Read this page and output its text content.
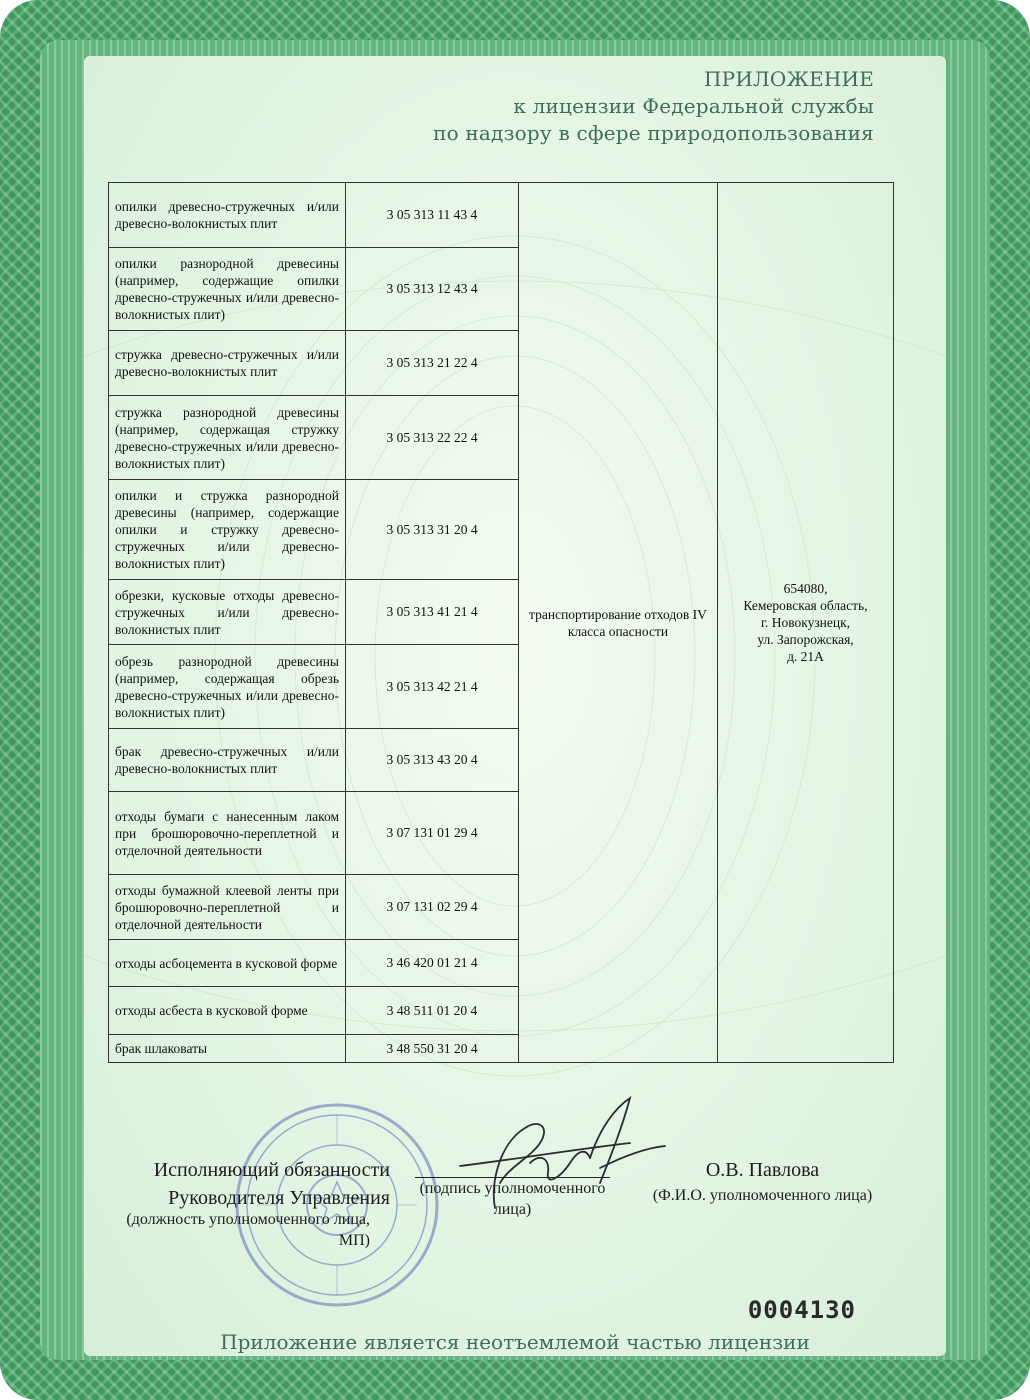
ПРИЛОЖЕНИЕ
к лицензии Федеральной службы
по надзору в сфере природопользования
опилки древесно-стружечных и/или древесно-волокнистых плит	3 05 313 11 43 4	транспортирование отходов IV класса опасности	654080,
Кемеровская область,
г. Новокузнецк,
ул. Запорожская,
д. 21А

опилки разнородной древесины (например, содержащие опилки древесно-стружечных и/или древесно-волокнистых плит)	3 05 313 12 43 4		
стружка древесно-стружечных и/или древесно-волокнистых плит	3 05 313 21 22 4		
стружка разнородной древесины (например, содержащая стружку древесно-стружечных и/или древесно-волокнистых плит)	3 05 313 22 22 4		
опилки и стружка разнородной древесины (например, содержащие опилки и стружку древесно-стружечных и/или древесно-волокнистых плит)	3 05 313 31 20 4		
обрезки, кусковые отходы древесно-стружечных и/или древесно-волокнистых плит	3 05 313 41 21 4		
обрезь разнородной древесины (например, содержащая обрезь древесно-стружечных и/или древесно-волокнистых плит)	3 05 313 42 21 4		
брак древесно-стружечных и/или древесно-волокнистых плит	3 05 313 43 20 4		
отходы бумаги с нанесенным лаком при брошюровочно-переплетной и отделочной деятельности	3 07 131 01 29 4		
отходы бумажной клеевой ленты при брошюровочно-переплетной и отделочной деятельности	3 07 131 02 29 4		
отходы асбоцемента в кусковой форме	3 46 420 01 21 4		
отходы асбеста в кусковой форме	3 48 511 01 20 4		
брак шлаковаты	3 48 550 31 20 4		
Исполняющий обязанности
Руководителя Управления
(должность уполномоченного лица, МП)
(подпись уполномоченного лица)
О.В. Павлова
(Ф.И.О. уполномоченного лица)
0004130
Приложение является неотъемлемой частью лицензии
